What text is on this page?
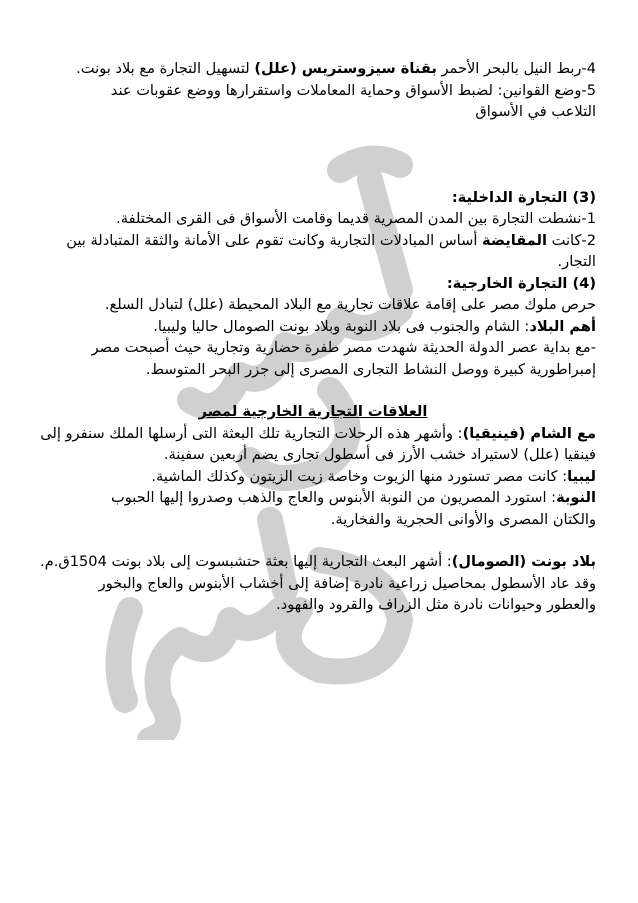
4-ربط النيل بالبحر الأحمر بقناة سيزوستريس (علل) لتسهيل التجارة مع بلاد بونت.
5-وضع القوانين: لضبط الأسواق وحماية المعاملات واستقرارها ووضع عقوبات عند
التلاعب في الأسواق
(3) التجارة الداخلية:
1-نشطت التجارة بين المدن المصرية قديما وقامت الأسواق فى القرى المختلفة.
2-كانت المقايضة أساس المبادلات التجارية وكانت تقوم على الأمانة والثقة المتبادلة بين
التجار.
(4) التجارة الخارجية:
حرص ملوك مصر على إقامة علاقات تجارية مع البلاد المحيطة (علل) لتبادل السلع.
أهم البلاد: الشام والجنوب فى بلاد النوبة وبلاد بونت الصومال حاليا وليبيا.
-مع بداية عصر الدولة الحديثة شهدت مصر طفرة حضارية وتجارية حيث أصبحت مصر
إمبراطورية كبيرة ووصل النشاط التجارى المصرى إلى جزر البحر المتوسط.
العلاقات التجارية الخارجية لمصر
مع الشام (فينيقيا): وأشهر هذه الرحلات التجارية تلك البعثة التى أرسلها الملك سنفرو إلى
فينقيا (علل) لاستيراد خشب الأرز فى أسطول تجارى يضم أربعين سفينة.
ليبيا: كانت مصر تستورد منها الزيوت وخاصة زيت الزيتون وكذلك الماشية.
النوبة: استورد المصريون من النوبة الأبنوس والعاج والذهب وصدروا إليها الحبوب
والكتان المصرى والأوانى الحجرية والفخارية.
بلاد بونت (الصومال): أشهر البعث التجارية إليها بعثة حتشبسوت إلى بلاد بونت 1504ق.م.
وقد عاد الأسطول بمحاصيل زراعية نادرة إضافة إلى أخشاب الأبنوس والعاج والبخور
والعطور وحيوانات نادرة مثل الزراف والقرود والفهود.
